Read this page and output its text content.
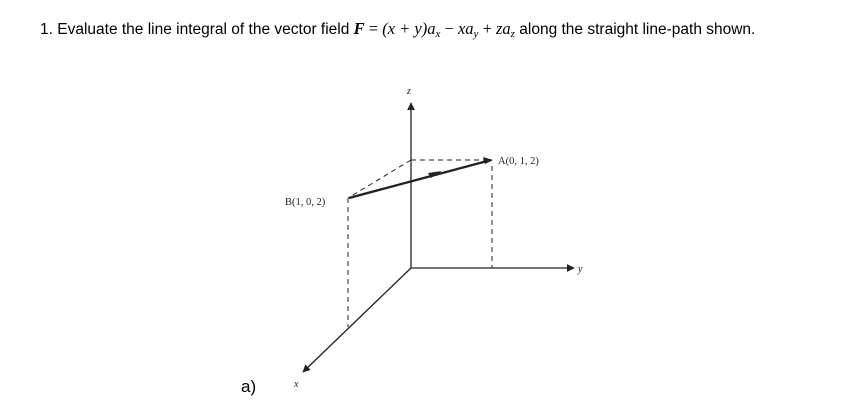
1. Evaluate the line integral of the vector field $F = (x + y)a_x - xa_y + za_z$ along the straight line-path shown.
z
y
x
A(0, 1, 2)
B(1, 0, 2)
a)
